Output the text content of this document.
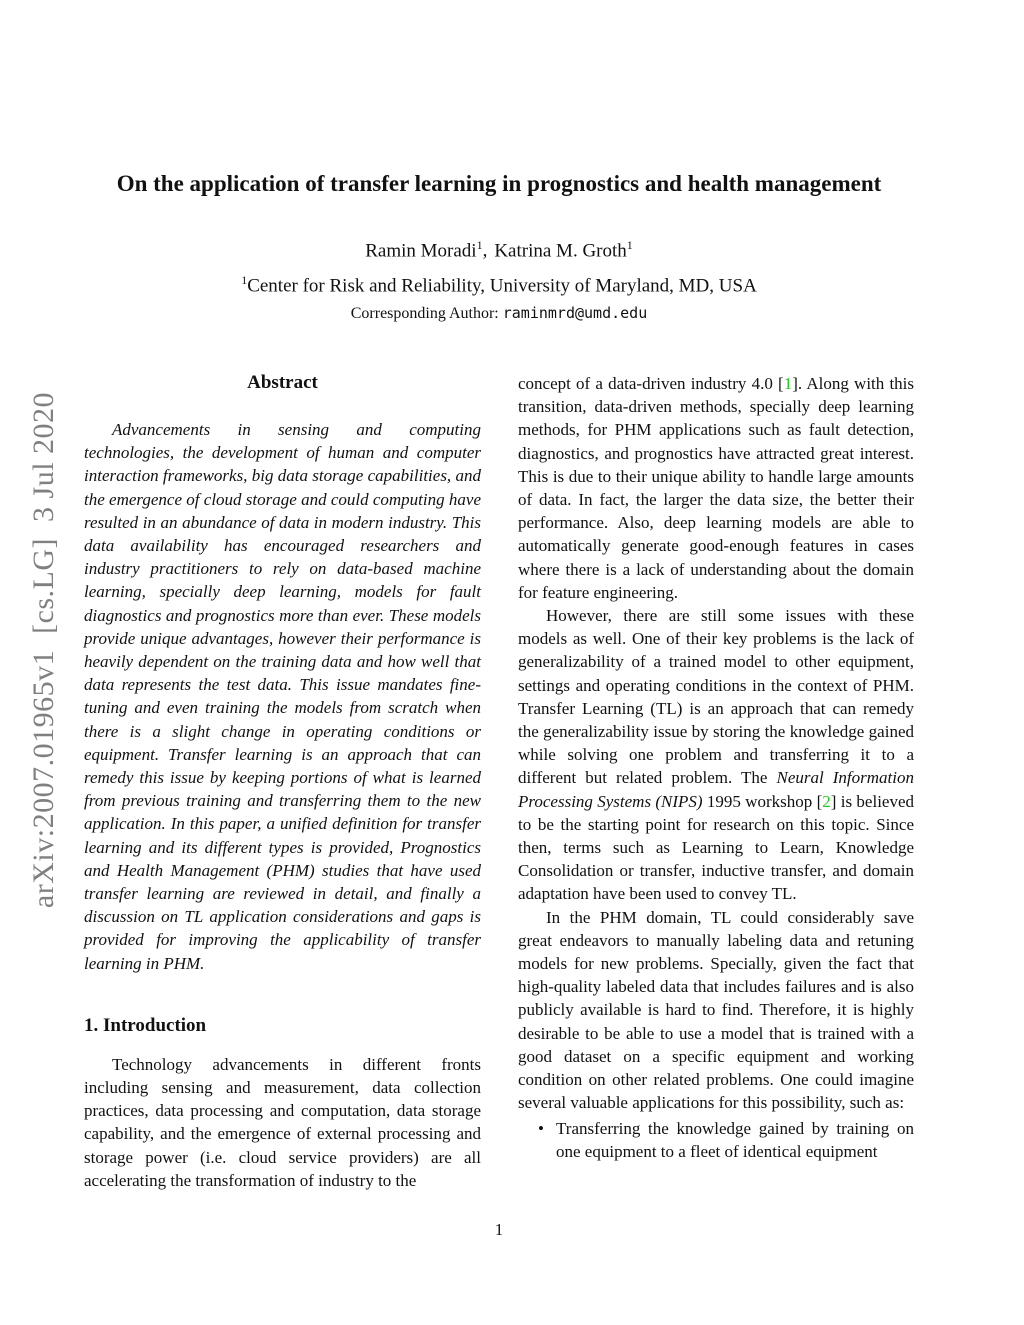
arXiv:2007.01965v1  [cs.LG]  3 Jul 2020
On the application of transfer learning in prognostics and health management

Ramin Moradi$^1$, Katrina M. Groth$^1$

$^1$Center for Risk and Reliability, University of Maryland, MD, USA

Corresponding Author: raminmrd@umd.edu

Abstract

Advancements in sensing and computing technologies, the development of human and computer interaction frameworks, big data storage capabilities, and the emergence of cloud storage and could computing have resulted in an abundance of data in modern industry. This data availability has encouraged researchers and industry practitioners to rely on data-based machine learning, specially deep learning, models for fault diagnostics and prognostics more than ever. These models provide unique advantages, however their performance is heavily dependent on the training data and how well that data represents the test data. This issue mandates fine-tuning and even training the models from scratch when there is a slight change in operating conditions or equipment. Transfer learning is an approach that can remedy this issue by keeping portions of what is learned from previous training and transferring them to the new application. In this paper, a unified definition for transfer learning and its different types is provided, Prognostics and Health Management (PHM) studies that have used transfer learning are reviewed in detail, and finally a discussion on TL application considerations and gaps is provided for improving the applicability of transfer learning in PHM.

1. Introduction

Technology advancements in different fronts including sensing and measurement, data collection practices, data processing and computation, data storage capability, and the emergence of external processing and storage power (i.e. cloud service providers) are all accelerating the transformation of industry to the

concept of a data-driven industry 4.0 [1]. Along with this transition, data-driven methods, specially deep learning methods, for PHM applications such as fault detection, diagnostics, and prognostics have attracted great interest. This is due to their unique ability to handle large amounts of data. In fact, the larger the data size, the better their performance. Also, deep learning models are able to automatically generate good-enough features in cases where there is a lack of understanding about the domain for feature engineering.

However, there are still some issues with these models as well. One of their key problems is the lack of generalizability of a trained model to other equipment, settings and operating conditions in the context of PHM. Transfer Learning (TL) is an approach that can remedy the generalizability issue by storing the knowledge gained while solving one problem and transferring it to a different but related problem. The Neural Information Processing Systems (NIPS) 1995 workshop [2] is believed to be the starting point for research on this topic. Since then, terms such as Learning to Learn, Knowledge Consolidation or transfer, inductive transfer, and domain adaptation have been used to convey TL.

In the PHM domain, TL could considerably save great endeavors to manually labeling data and retuning models for new problems. Specially, given the fact that high-quality labeled data that includes failures and is also publicly available is hard to find. Therefore, it is highly desirable to be able to use a model that is trained with a good dataset on a specific equipment and working condition on other related problems. One could imagine several valuable applications for this possibility, such as:

• Transferring the knowledge gained by training on one equipment to a fleet of identical equipment
1
